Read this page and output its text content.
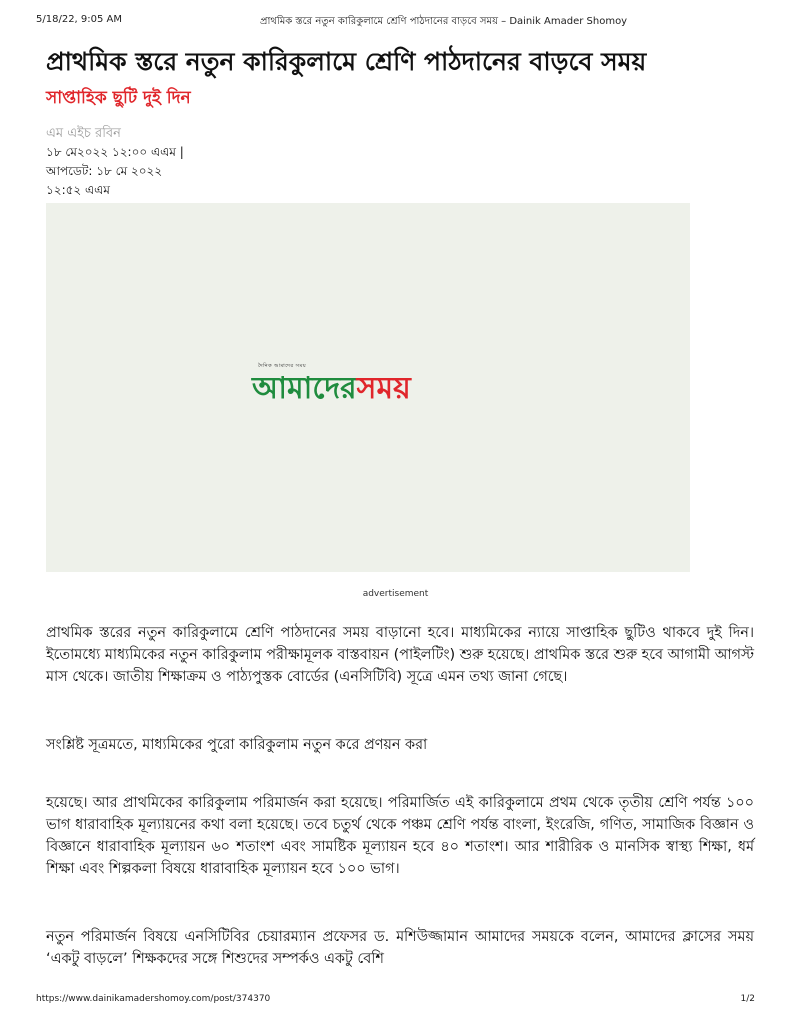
5/18/22, 9:05 AM	প্রাথমিক স্তরে নতুন কারিকুলামে শ্রেণি পাঠদানের বাড়বে সময় – Dainik Amader Shomoy
প্রাথমিক স্তরে নতুন কারিকুলামে শ্রেণি পাঠদানের বাড়বে সময়
সাপ্তাহিক ছুটি দুই দিন
এম এইচ রবিন
১৮ মে২০২২ ১২:০০ এএম |
আপডেট: ১৮ মে ২০২২
১২:৫২ এএম
দৈনিক আমাদের সময়
আমাদেরসময়
advertisement

প্রাথমিক স্তরের নতুন কারিকুলামে শ্রেণি পাঠদানের সময় বাড়ানো হবে। মাধ্যমিকের ন্যায়ে সাপ্তাহিক ছুটিও থাকবে দুই দিন। ইতোমধ্যে মাধ্যমিকের নতুন কারিকুলাম পরীক্ষামূলক বাস্তবায়ন (পাইলটিং) শুরু হয়েছে। প্রাথমিক স্তরে শুরু হবে আগামী আগস্ট মাস থেকে। জাতীয় শিক্ষাক্রম ও পাঠ্যপুস্তক বোর্ডের (এনসিটিবি) সূত্রে এমন তথ্য জানা গেছে।

সংশ্লিষ্ট সূত্রমতে, মাধ্যমিকের পুরো কারিকুলাম নতুন করে প্রণয়ন করা

হয়েছে। আর প্রাথমিকের কারিকুলাম পরিমার্জন করা হয়েছে। পরিমার্জিত এই কারিকুলামে প্রথম থেকে তৃতীয় শ্রেণি পর্যন্ত ১০০ ভাগ ধারাবাহিক মূল্যায়নের কথা বলা হয়েছে। তবে চতুর্থ থেকে পঞ্চম শ্রেণি পর্যন্ত বাংলা, ইংরেজি, গণিত, সামাজিক বিজ্ঞান ও বিজ্ঞানে ধারাবাহিক মূল্যায়ন ৬০ শতাংশ এবং সামষ্টিক মূল্যায়ন হবে ৪০ শতাংশ। আর শারীরিক ও মানসিক স্বাস্থ্য শিক্ষা, ধর্ম শিক্ষা এবং শিল্পকলা বিষয়ে ধারাবাহিক মূল্যায়ন হবে ১০০ ভাগ।

নতুন পরিমার্জন বিষয়ে এনসিটিবির চেয়ারম্যান প্রফেসর ড. মশিউজ্জামান আমাদের সময়কে বলেন, আমাদের ক্লাসের সময় ‘একটু বাড়লে’ শিক্ষকদের সঙ্গে শিশুদের সম্পর্কও একটু বেশি

https://www.dainikamadershomoy.com/post/374370	1/2
